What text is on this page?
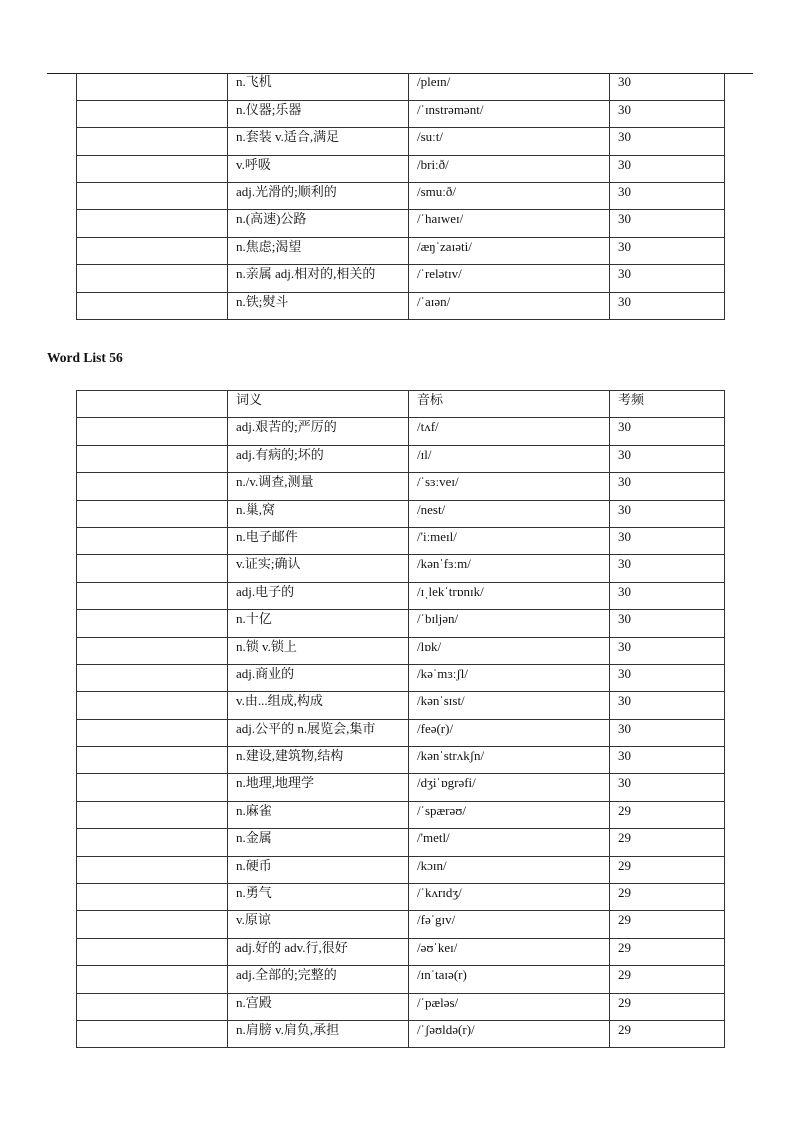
	n.飞机	/pleɪn/	30
	n.仪器;乐器	/ˈɪnstrəmənt/	30
	n.套装 v.适合,满足	/suːt/	30
	v.呼吸	/briːð/	30
	adj.光滑的;顺利的	/smuːð/	30
	n.(高速)公路	/ˈhaɪweɪ/	30
	n.焦虑;渴望	/æŋˈzaɪəti/	30
	n.亲属 adj.相对的,相关的	/ˈrelətɪv/	30
	n.铁;熨斗	/ˈaɪən/	30
Word List 56
	词义	音标	考频
	adj.艰苦的;严厉的	/tʌf/	30
	adj.有病的;坏的	/ɪl/	30
	n./v.调查,测量	/ˈsɜːveɪ/	30
	n.巢,窝	/nest/	30
	n.电子邮件	/'iːmeɪl/	30
	v.证实;确认	/kənˈfɜːm/	30
	adj.电子的	/ɪˌlekˈtrɒnɪk/	30
	n.十亿	/ˈbɪljən/	30
	n.锁 v.锁上	/lɒk/	30
	adj.商业的	/kəˈmɜːʃl/	30
	v.由...组成,构成	/kənˈsɪst/	30
	adj.公平的 n.展览会,集市	/feə(r)/	30
	n.建设,建筑物,结构	/kənˈstrʌkʃn/	30
	n.地理,地理学	/dʒiˈɒgrəfi/	30
	n.麻雀	/ˈspærəʊ/	29
	n.金属	/'metl/	29
	n.硬币	/kɔɪn/	29
	n.勇气	/ˈkʌrɪdʒ/	29
	v.原谅	/fəˈgɪv/	29
	adj.好的 adv.行,很好	/əʊˈkeɪ/	29
	adj.全部的;完整的	/ɪnˈtaɪə(r)	29
	n.宫殿	/ˈpæləs/	29
	n.肩膀 v.肩负,承担	/ˈʃəʊldə(r)/	29
